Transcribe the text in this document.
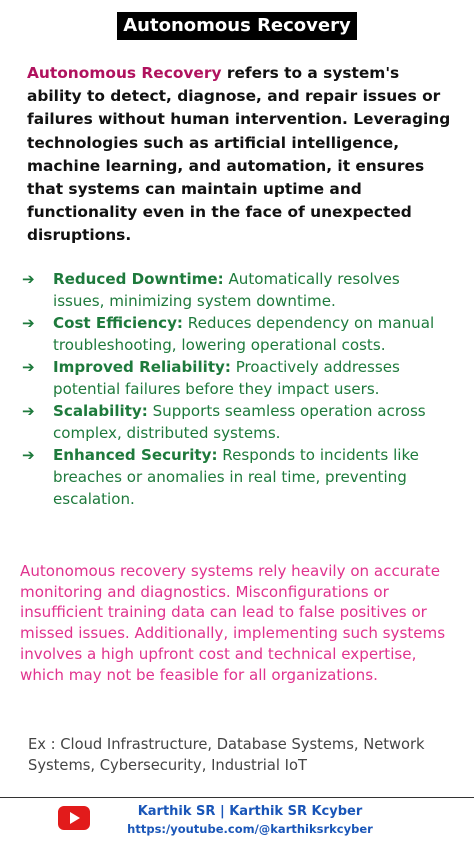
Autonomous Recovery

Autonomous Recovery refers to a system's ability to detect, diagnose, and repair issues or failures without human intervention. Leveraging technologies such as artificial intelligence, machine learning, and automation, it ensures that systems can maintain uptime and functionality even in the face of unexpected disruptions.

➔ Reduced Downtime: Automatically resolves issues, minimizing system downtime.
➔ Cost Efficiency: Reduces dependency on manual troubleshooting, lowering operational costs.
➔ Improved Reliability: Proactively addresses potential failures before they impact users.
➔ Scalability: Supports seamless operation across complex, distributed systems.
➔ Enhanced Security: Responds to incidents like breaches or anomalies in real time, preventing escalation.

Autonomous recovery systems rely heavily on accurate monitoring and diagnostics. Misconfigurations or insufficient training data can lead to false positives or missed issues. Additionally, implementing such systems involves a high upfront cost and technical expertise, which may not be feasible for all organizations.

Ex : Cloud Infrastructure, Database Systems, Network Systems, Cybersecurity, Industrial IoT

Karthik SR | Karthik SR Kcyber
https:/youtube.com/@karthiksrkcyber
